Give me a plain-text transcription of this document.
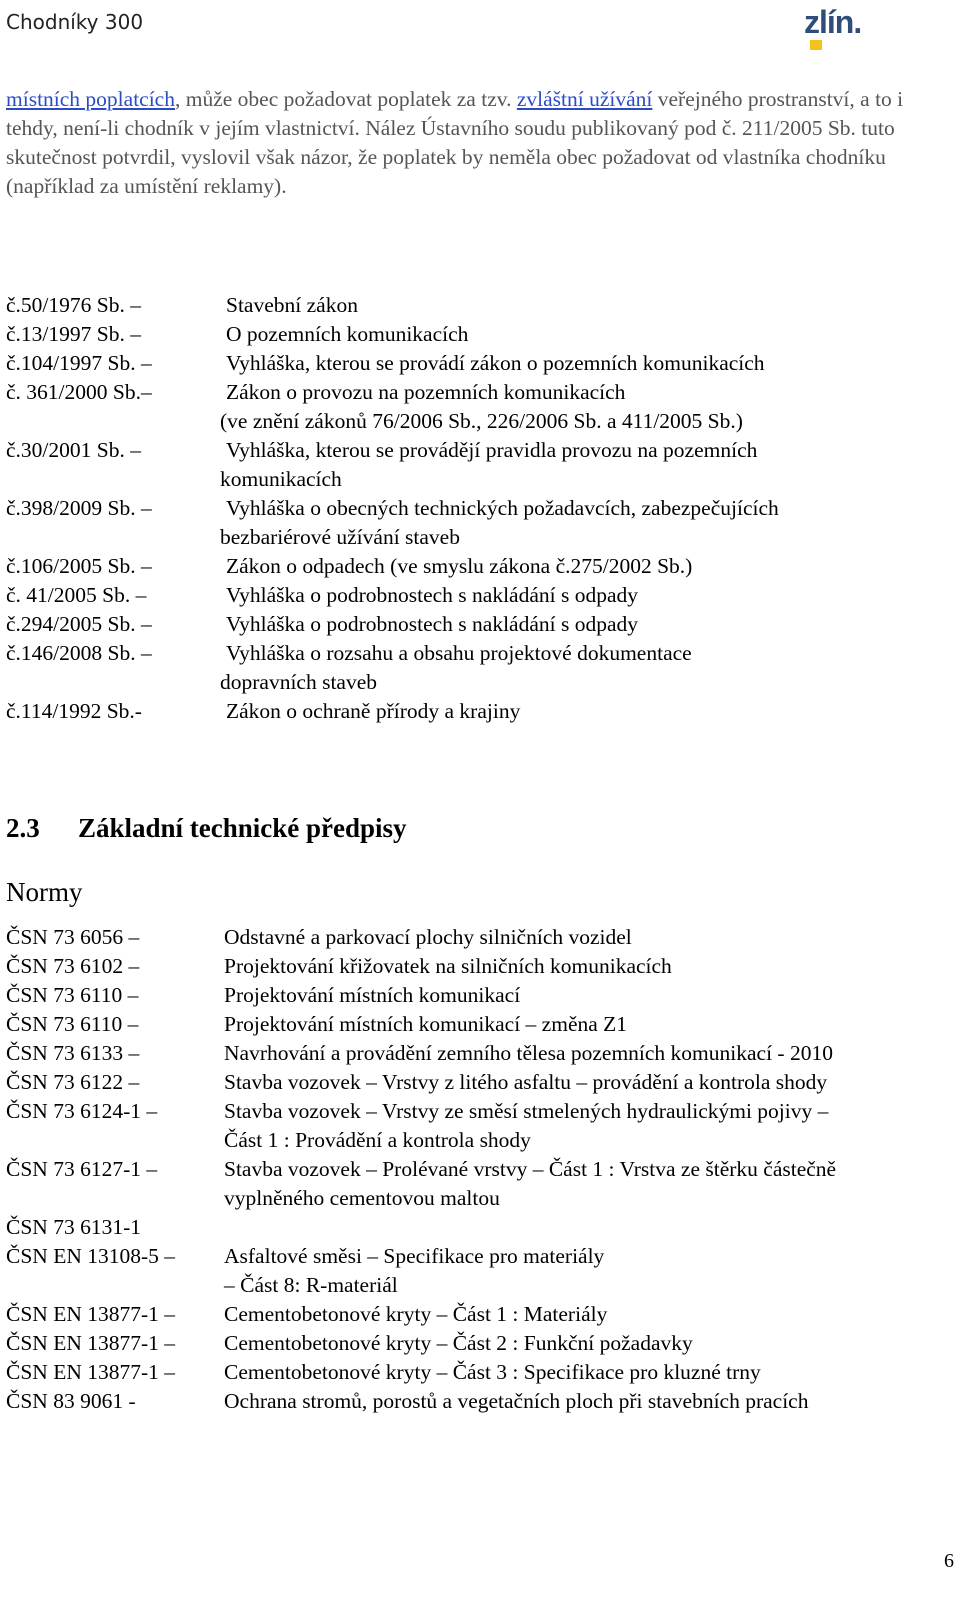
Chodníky 300	zlín.
místních poplatcích, může obec požadovat poplatek za tzv. zvláštní užívání veřejného prostranství, a to i tehdy, není-li chodník v jejím vlastnictví. Nález Ústavního soudu publikovaný pod č. 211/2005 Sb. tuto skutečnost potvrdil, vyslovil však názor, že poplatek by neměla obec požadovat od vlastníka chodníku (například za umístění reklamy).
č.50/1976 Sb. –	Stavební zákon
č.13/1997 Sb. –	O pozemních komunikacích
č.104/1997 Sb. –	Vyhláška, kterou se provádí zákon o pozemních komunikacích
č. 361/2000 Sb.–	Zákon o provozu na pozemních komunikacích
(ve znění zákonů 76/2006 Sb., 226/2006 Sb. a 411/2005 Sb.)
č.30/2001 Sb. –	Vyhláška, kterou se provádějí pravidla provozu na pozemních
komunikacích
č.398/2009 Sb. –	Vyhláška o obecných technických požadavcích, zabezpečujících
bezbariérové užívání staveb
č.106/2005 Sb. –	Zákon o odpadech (ve smyslu zákona č.275/2002 Sb.)
č. 41/2005 Sb. –	Vyhláška o podrobnostech s nakládání s odpady
č.294/2005 Sb. –	Vyhláška o podrobnostech s nakládání s odpady
č.146/2008 Sb. –	Vyhláška o rozsahu a obsahu projektové dokumentace
dopravních staveb
č.114/1992 Sb.-	Zákon o ochraně přírody a krajiny
2.3 Základní technické předpisy
Normy
ČSN 73 6056 –	Odstavné a parkovací plochy silničních vozidel
ČSN 73 6102 –	Projektování křižovatek na silničních komunikacích
ČSN 73 6110 –	Projektování místních komunikací
ČSN 73 6110 –	Projektování místních komunikací – změna Z1
ČSN 73 6133 –	Navrhování a provádění zemního tělesa pozemních komunikací - 2010
ČSN 73 6122 –	Stavba vozovek – Vrstvy z litého asfaltu – provádění a kontrola shody
ČSN 73 6124-1 –	Stavba vozovek – Vrstvy ze směsí stmelených hydraulickými pojivy –
Část 1 : Provádění a kontrola shody
ČSN 73 6127-1 –	Stavba vozovek – Prolévané vrstvy – Část 1 : Vrstva ze štěrku částečně
vyplněného cementovou maltou
ČSN 73 6131-1

ČSN EN 13108-5 – Asfaltové směsi – Specifikace pro materiály
– Část 8: R-materiál
ČSN EN 13877-1 – Cementobetonové kryty – Část 1 : Materiály
ČSN EN 13877-1 – Cementobetonové kryty – Část 2 : Funkční požadavky
ČSN EN 13877-1 – Cementobetonové kryty – Část 3 : Specifikace pro kluzné trny
ČSN 83 9061 -	Ochrana stromů, porostů a vegetačních ploch při stavebních pracích
6
